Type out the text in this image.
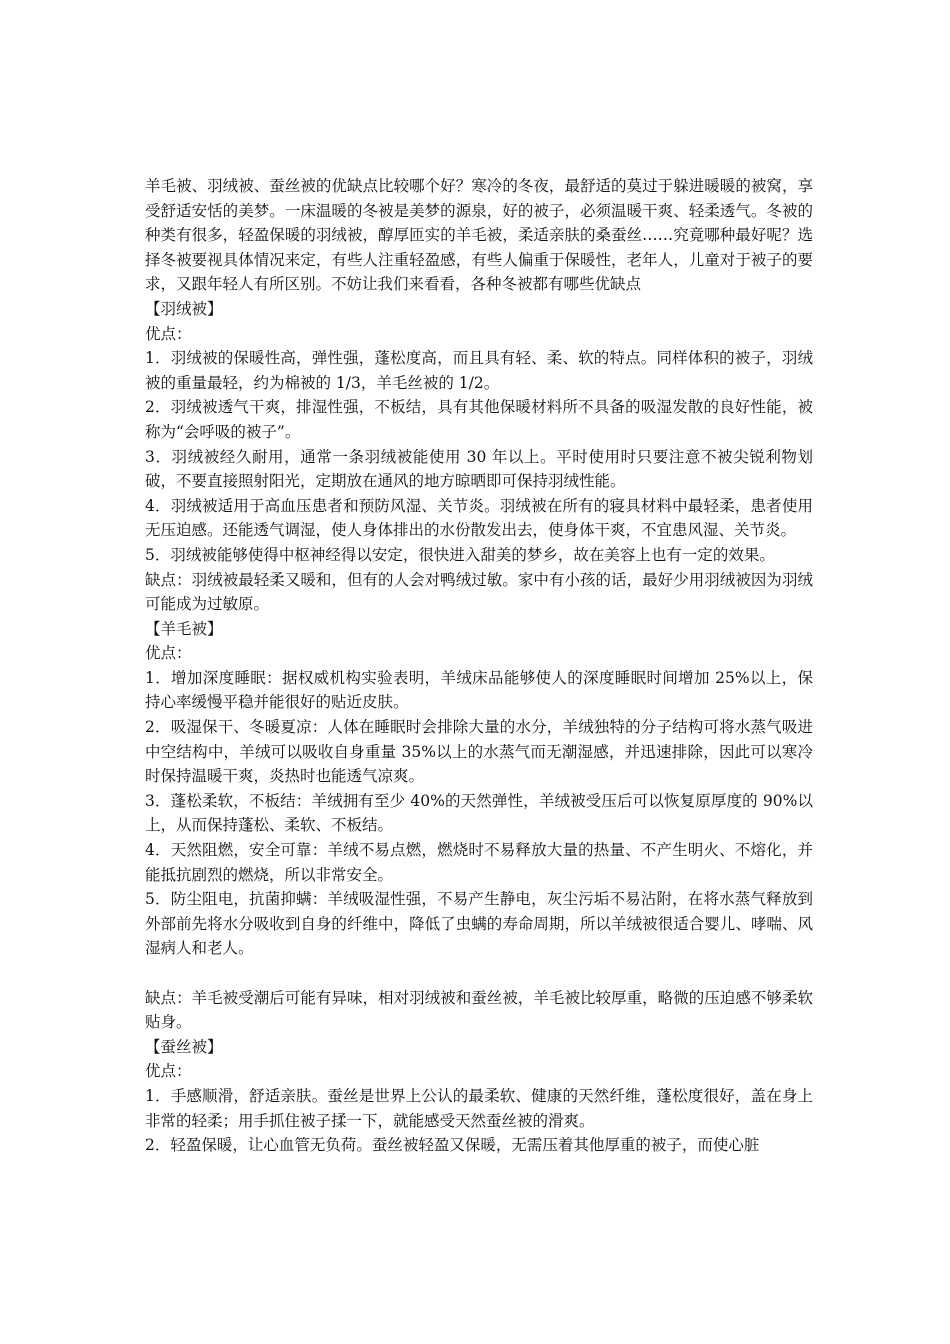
羊毛被、羽绒被、蚕丝被的优缺点比较哪个好？寒冷的冬夜，最舒适的莫过于躲进暖暖的被窝，享受舒适安恬的美梦。一床温暖的冬被是美梦的源泉，好的被子，必须温暖干爽、轻柔透气。冬被的种类有很多，轻盈保暖的羽绒被，醇厚匝实的羊毛被，柔适亲肤的桑蚕丝……究竟哪种最好呢？选择冬被要视具体情况来定，有些人注重轻盈感，有些人偏重于保暖性，老年人，儿童对于被子的要求，又跟年轻人有所区别。不妨让我们来看看，各种冬被都有哪些优缺点

【羽绒被】

优点：

1．羽绒被的保暖性高，弹性强，蓬松度高，而且具有轻、柔、软的特点。同样体积的被子，羽绒被的重量最轻，约为棉被的 1/3，羊毛丝被的 1/2。

2．羽绒被透气干爽，排湿性强，不板结，具有其他保暖材料所不具备的吸湿发散的良好性能，被称为“会呼吸的被子”。

3．羽绒被经久耐用，通常一条羽绒被能使用 30 年以上。平时使用时只要注意不被尖锐利物划破，不要直接照射阳光，定期放在通风的地方晾晒即可保持羽绒性能。

4．羽绒被适用于高血压患者和预防风湿、关节炎。羽绒被在所有的寝具材料中最轻柔，患者使用无压迫感。还能透气调湿，使人身体排出的水份散发出去，使身体干爽，不宜患风湿、关节炎。

5．羽绒被能够使得中枢神经得以安定，很快进入甜美的梦乡，故在美容上也有一定的效果。

缺点：羽绒被最轻柔又暖和，但有的人会对鸭绒过敏。家中有小孩的话，最好少用羽绒被因为羽绒可能成为过敏原。

【羊毛被】

优点：

1．增加深度睡眠：据权威机构实验表明，羊绒床品能够使人的深度睡眠时间增加 25%以上，保持心率缓慢平稳并能很好的贴近皮肤。

2．吸湿保干、冬暖夏凉：人体在睡眠时会排除大量的水分，羊绒独特的分子结构可将水蒸气吸进中空结构中，羊绒可以吸收自身重量 35%以上的水蒸气而无潮湿感，并迅速排除，因此可以寒冷时保持温暖干爽，炎热时也能透气凉爽。

3．蓬松柔软，不板结：羊绒拥有至少 40%的天然弹性，羊绒被受压后可以恢复原厚度的 90%以上，从而保持蓬松、柔软、不板结。

4．天然阻燃，安全可靠：羊绒不易点燃，燃烧时不易释放大量的热量、不产生明火、不熔化，并能抵抗剧烈的燃烧，所以非常安全。

5．防尘阻电，抗菌抑螨：羊绒吸湿性强，不易产生静电，灰尘污垢不易沾附，在将水蒸气释放到外部前先将水分吸收到自身的纤维中，降低了虫螨的寿命周期，所以羊绒被很适合婴儿、哮喘、风湿病人和老人。

缺点：羊毛被受潮后可能有异味，相对羽绒被和蚕丝被，羊毛被比较厚重，略微的压迫感不够柔软贴身。

【蚕丝被】

优点：

1．手感顺滑，舒适亲肤。蚕丝是世界上公认的最柔软、健康的天然纤维，蓬松度很好，盖在身上非常的轻柔；用手抓住被子揉一下，就能感受天然蚕丝被的滑爽。

2．轻盈保暖，让心血管无负荷。蚕丝被轻盈又保暖，无需压着其他厚重的被子，而使心脏
